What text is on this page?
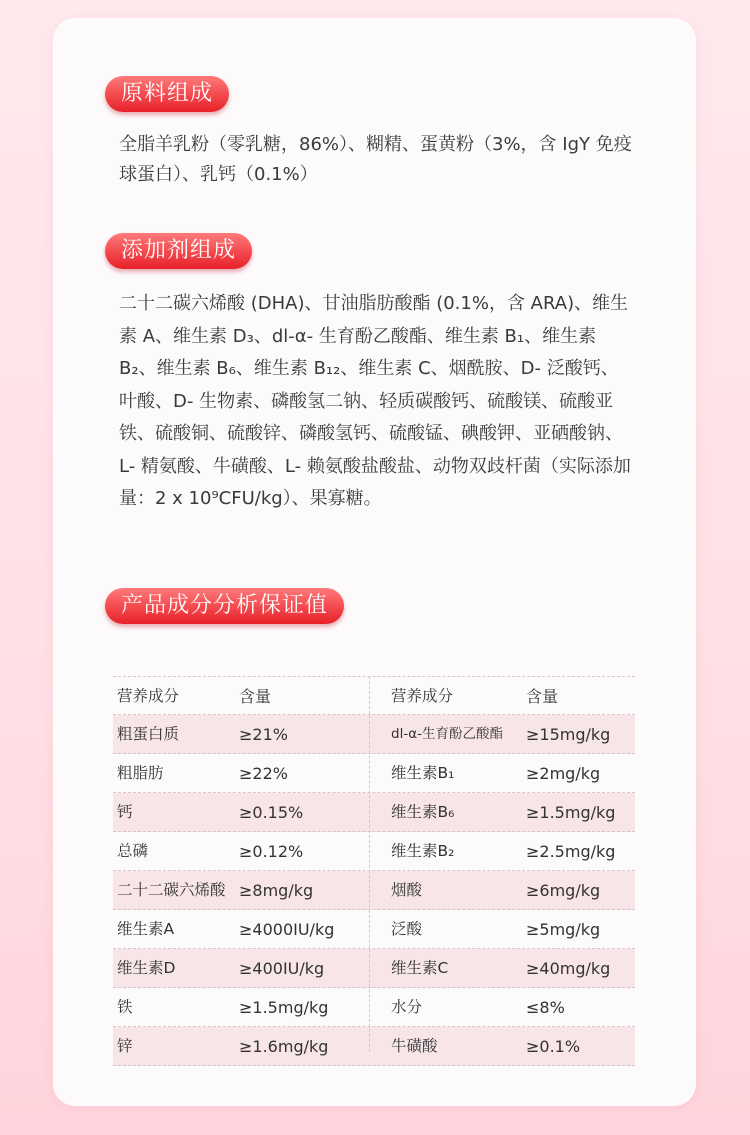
原料组成
全脂羊乳粉（零乳糖，86%）、糊精、蛋黄粉（3%，含 IgY 免疫球蛋白）、乳钙（0.1%）
添加剂组成
二十二碳六烯酸 (DHA)、甘油脂肪酸酯 (0.1%，含 ARA)、维生素 A、维生素 D₃、dl-α- 生育酚乙酸酯、维生素 B₁、维生素 B₂、维生素 B₆、维生素 B₁₂、维生素 C、烟酰胺、D- 泛酸钙、叶酸、D- 生物素、磷酸氢二钠、轻质碳酸钙、硫酸镁、硫酸亚铁、硫酸铜、硫酸锌、磷酸氢钙、硫酸锰、碘酸钾、亚硒酸钠、L- 精氨酸、牛磺酸、L- 赖氨酸盐酸盐、动物双歧杆菌（实际添加量：2 x 10⁹CFU/kg）、果寡糖。
产品成分分析保证值
营养成分	含量	营养成分	含量
粗蛋白质	≥21%	dl-α-生育酚乙酸酯 ≥15mg/kg
粗脂肪	≥22%	维生素B₁	≥2mg/kg
钙	≥0.15%	维生素B₆	≥1.5mg/kg
总磷	≥0.12%	维生素B₂	≥2.5mg/kg
二十二碳六烯酸 ≥8mg/kg	烟酸	≥6mg/kg
维生素A	≥4000IU/kg	泛酸	≥5mg/kg
维生素D	≥400IU/kg	维生素C	≥40mg/kg
铁	≥1.5mg/kg	水分	≤8%
锌	≥1.6mg/kg	牛磺酸	≥0.1%
